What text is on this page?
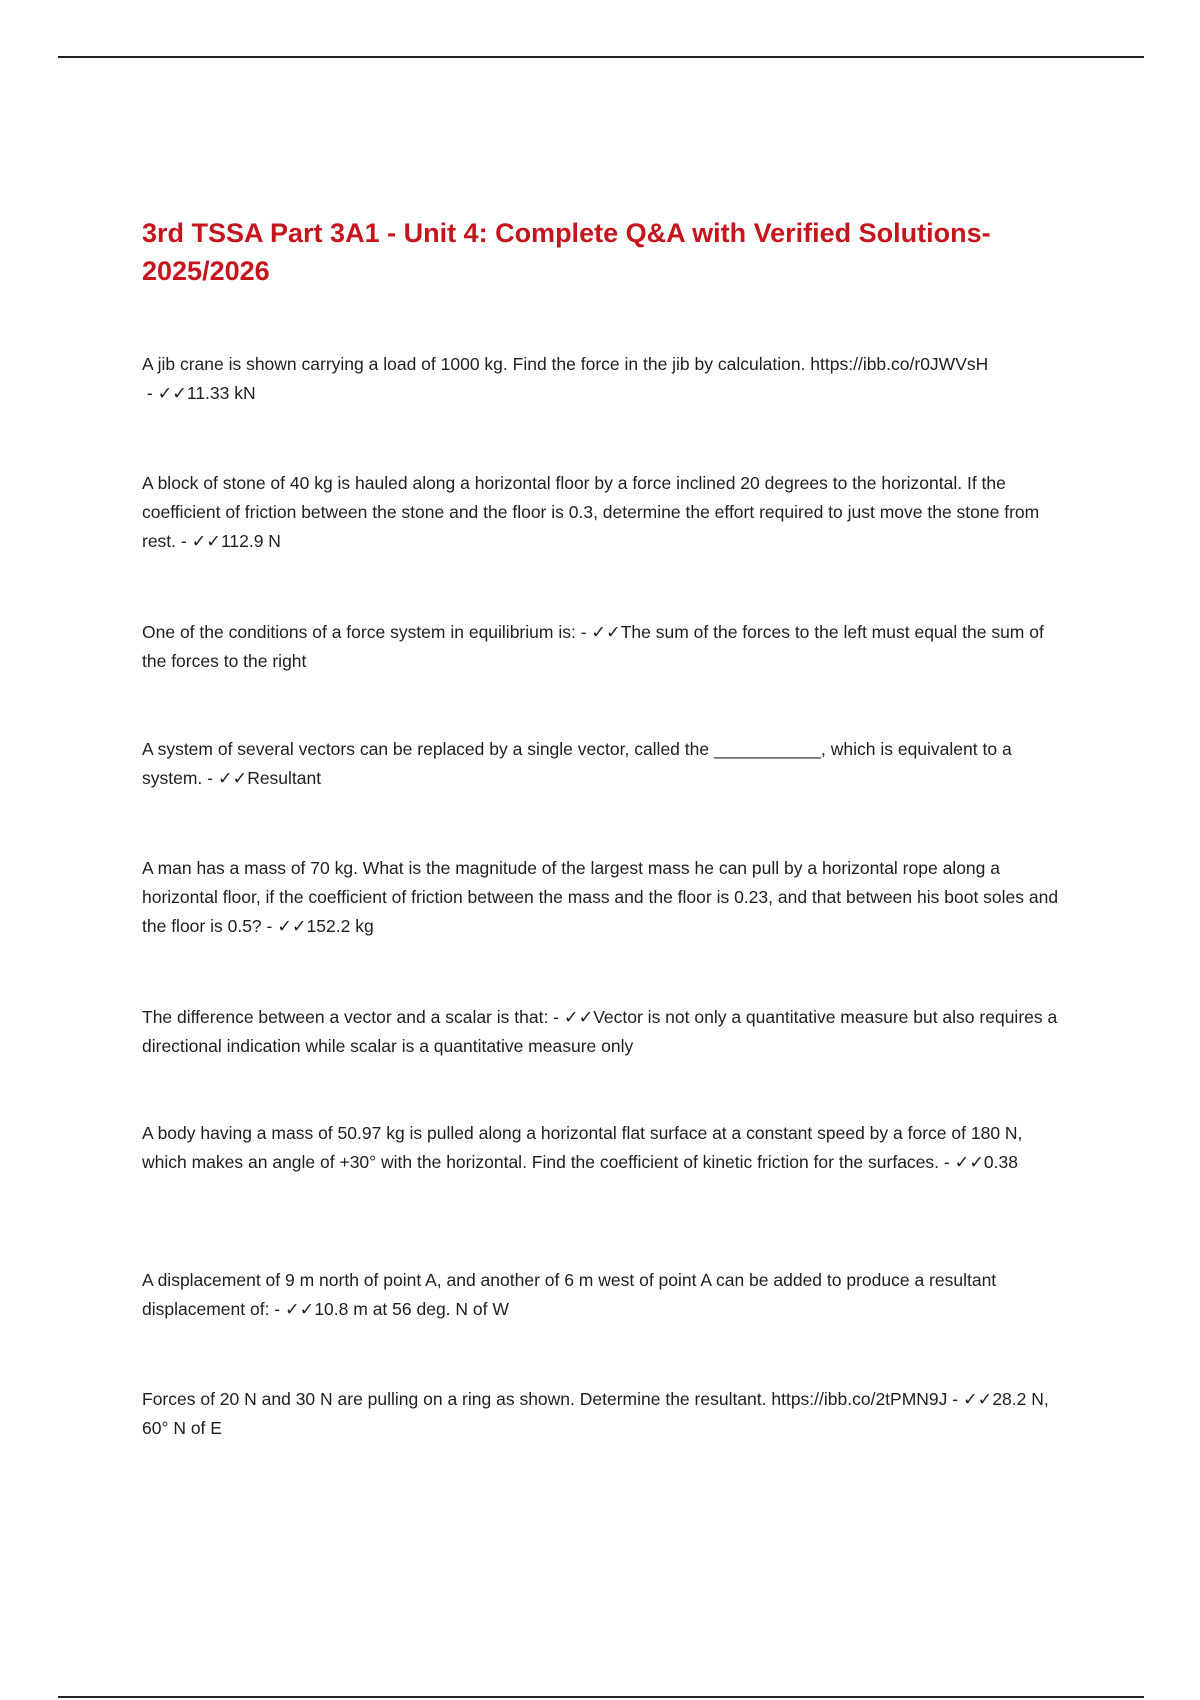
3rd TSSA Part 3A1 - Unit 4: Complete Q&A with Verified Solutions-2025/2026

A jib crane is shown carrying a load of 1000 kg. Find the force in the jib by calculation. https://ibb.co/r0JWVsH - ✓✓11.33 kN

A block of stone of 40 kg is hauled along a horizontal floor by a force inclined 20 degrees to the horizontal. If the coefficient of friction between the stone and the floor is 0.3, determine the effort required to just move the stone from rest. - ✓✓112.9 N

One of the conditions of a force system in equilibrium is: - ✓✓The sum of the forces to the left must equal the sum of the forces to the right

A system of several vectors can be replaced by a single vector, called the ___________, which is equivalent to a system. - ✓✓Resultant

A man has a mass of 70 kg. What is the magnitude of the largest mass he can pull by a horizontal rope along a horizontal floor, if the coefficient of friction between the mass and the floor is 0.23, and that between his boot soles and the floor is 0.5? - ✓✓152.2 kg

The difference between a vector and a scalar is that: - ✓✓Vector is not only a quantitative measure but also requires a directional indication while scalar is a quantitative measure only

A body having a mass of 50.97 kg is pulled along a horizontal flat surface at a constant speed by a force of 180 N, which makes an angle of +30° with the horizontal. Find the coefficient of kinetic friction for the surfaces. - ✓✓0.38

A displacement of 9 m north of point A, and another of 6 m west of point A can be added to produce a resultant displacement of: - ✓✓10.8 m at 56 deg. N of W

Forces of 20 N and 30 N are pulling on a ring as shown. Determine the resultant. https://ibb.co/2tPMN9J - ✓✓28.2 N, 60° N of E
